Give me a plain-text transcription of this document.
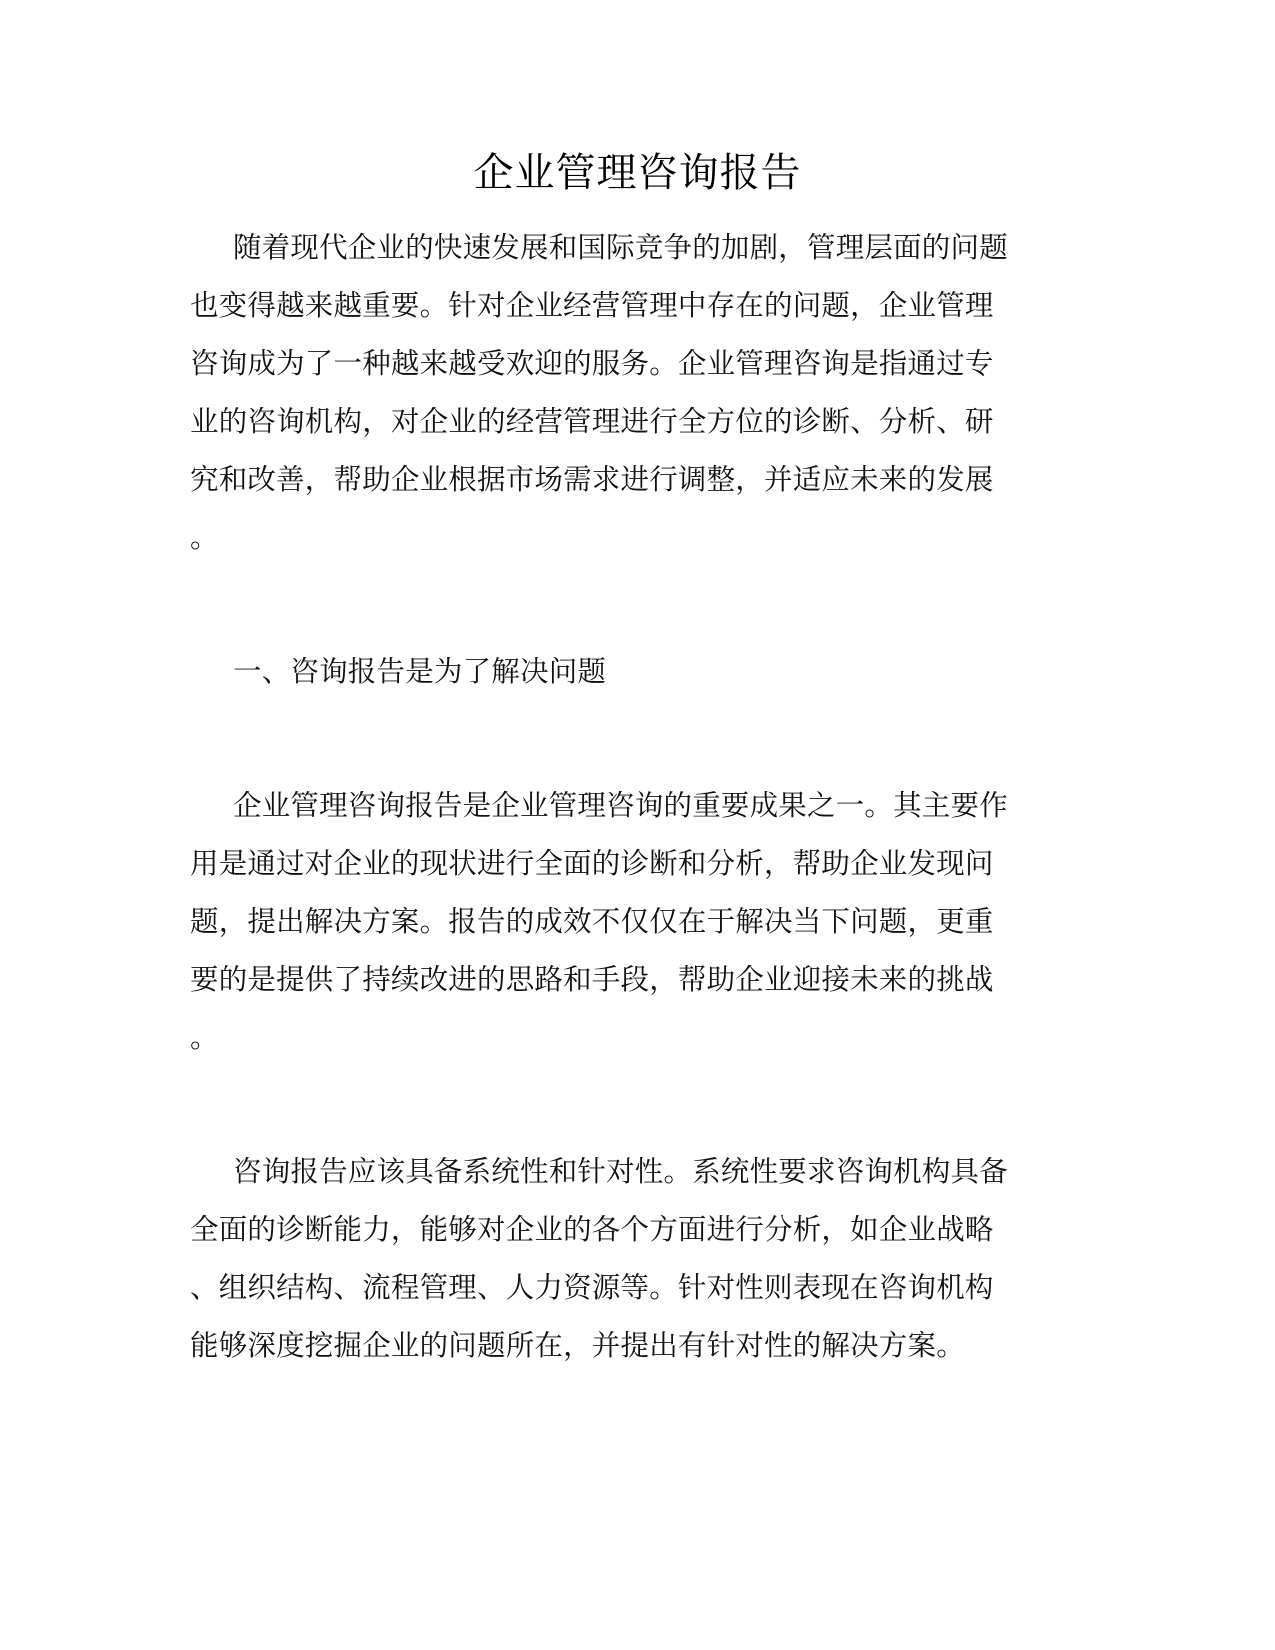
企业管理咨询报告
随着现代企业的快速发展和国际竞争的加剧，管理层面的问题
也变得越来越重要。针对企业经营管理中存在的问题，企业管理
咨询成为了一种越来越受欢迎的服务。企业管理咨询是指通过专
业的咨询机构，对企业的经营管理进行全方位的诊断、分析、研
究和改善，帮助企业根据市场需求进行调整，并适应未来的发展
。
一、咨询报告是为了解决问题
企业管理咨询报告是企业管理咨询的重要成果之一。其主要作
用是通过对企业的现状进行全面的诊断和分析，帮助企业发现问
题，提出解决方案。报告的成效不仅仅在于解决当下问题，更重
要的是提供了持续改进的思路和手段，帮助企业迎接未来的挑战
。
咨询报告应该具备系统性和针对性。系统性要求咨询机构具备
全面的诊断能力，能够对企业的各个方面进行分析，如企业战略
、组织结构、流程管理、人力资源等。针对性则表现在咨询机构
能够深度挖掘企业的问题所在，并提出有针对性的解决方案。
